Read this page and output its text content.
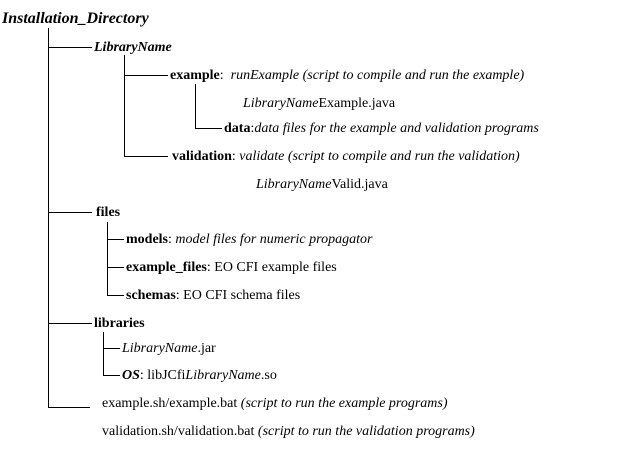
Installation_Directory
LibraryName
example: runExample (script to compile and run the example)
LibraryNameExample.java
data:data files for the example and validation programs
validation: validate (script to compile and run the validation)
LibraryNameValid.java
files
models: model files for numeric propagator
example_files: EO CFI example files
schemas: EO CFI schema files
libraries
LibraryName.jar
OS: libJCfiLibraryName.so
example.sh/example.bat (script to run the example programs)
validation.sh/validation.bat (script to run the validation programs)
